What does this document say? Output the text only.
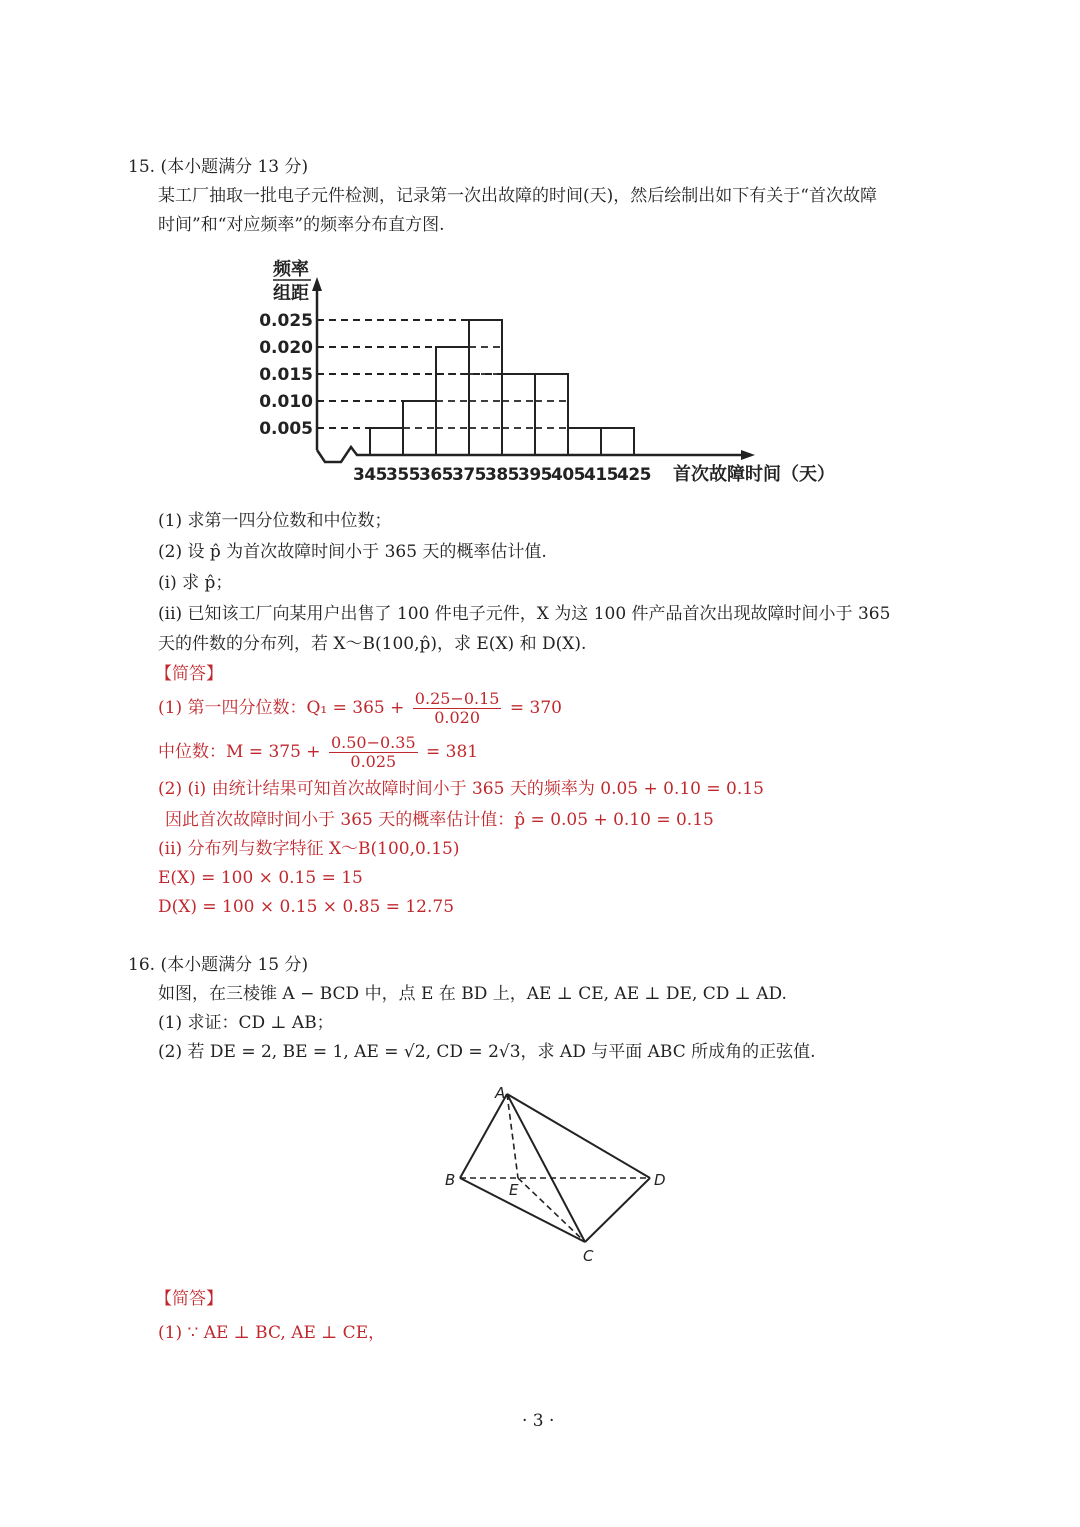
15. (本小题满分 13 分)
某工厂抽取一批电子元件检测，记录第一次出故障的时间(天)，然后绘制出如下有关于“首次故障
时间”和“对应频率”的频率分布直方图.
0.025
0.020
0.015
0.010
0.005
345 355 365 375 385 395 405 415 425
频率
组距
首次故障时间（天）
(1) 求第一四分位数和中位数；
(2) 设 p̂ 为首次故障时间小于 365 天的概率估计值.
(i) 求 p̂；
(ii) 已知该工厂向某用户出售了 100 件电子元件，X 为这 100 件产品首次出现故障时间小于 365
天的件数的分布列，若 X～B(100,p̂)，求 E(X) 和 D(X).
【简答】
(1) 第一四分位数：$Q_1 = 365 + \frac{0.25-0.15}{0.020} = 370$
中位数：$M = 375 + \frac{0.50-0.35}{0.025} = 381$
(2) (i) 由统计结果可知首次故障时间小于 365 天的频率为 0.05 + 0.10 = 0.15
因此首次故障时间小于 365 天的概率估计值：p̂ = 0.05 + 0.10 = 0.15
(ii) 分布列与数字特征 X～B(100,0.15)
E(X) = 100 × 0.15 = 15
D(X) = 100 × 0.15 × 0.85 = 12.75
16. (本小题满分 15 分)
如图，在三棱锥 A − BCD 中，点 E 在 BD 上，AE ⊥ CE, AE ⊥ DE, CD ⊥ AD.
(1) 求证：CD ⊥ AB；
(2) 若 DE = 2, BE = 1, AE = √2, CD = 2√3，求 AD 与平面 ABC 所成角的正弦值.
A
B
C
D
E
【简答】
(1) ∵ AE ⊥ BC, AE ⊥ CE，
· 3 ·
